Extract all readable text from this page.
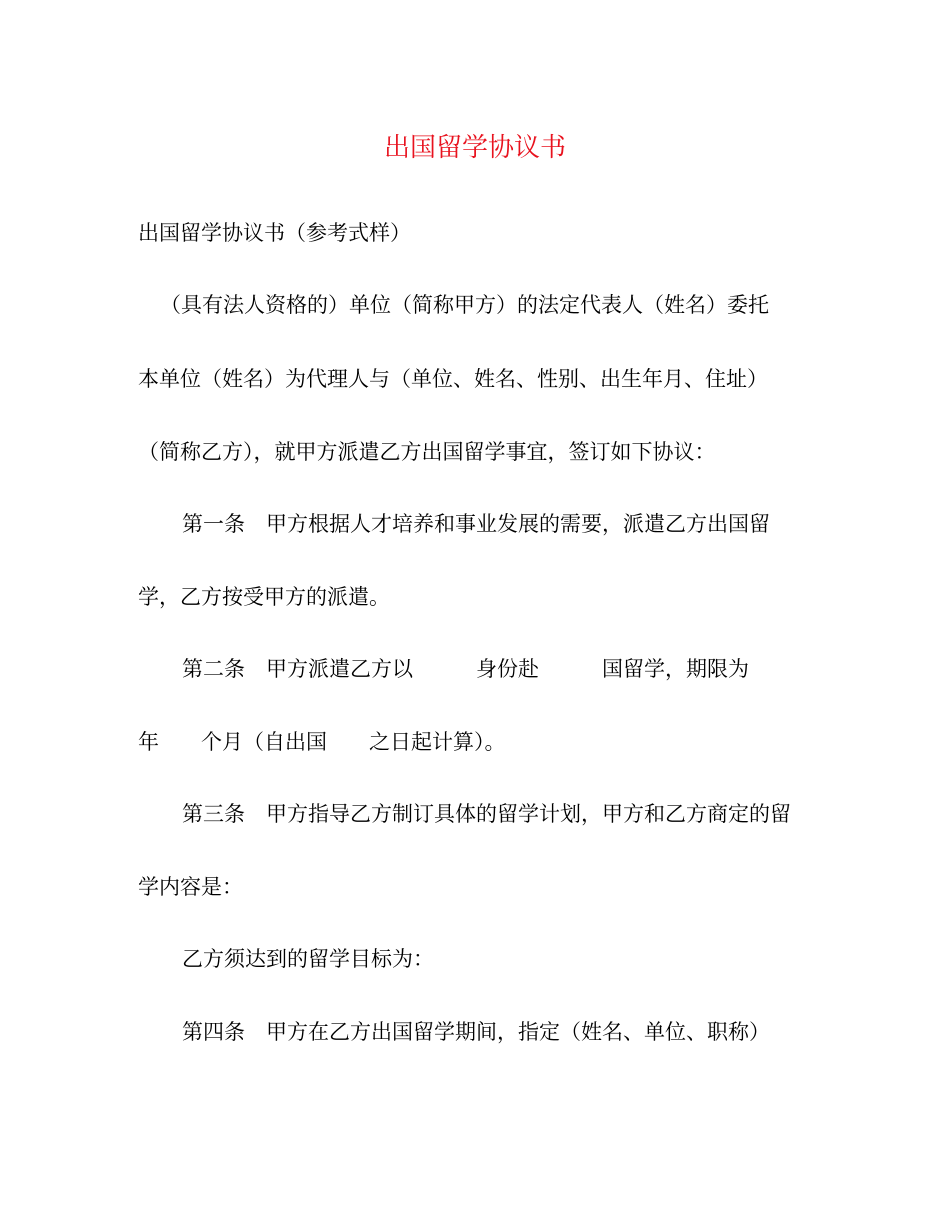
出国留学协议书
出国留学协议书（参考式样）
（具有法人资格的）单位（简称甲方）的法定代表人（姓名）委托
本单位（姓名）为代理人与（单位、姓名、性别、出生年月、住址）
（简称乙方），就甲方派遣乙方出国留学事宜，签订如下协议：
第一条　甲方根据人才培养和事业发展的需要，派遣乙方出国留
学，乙方按受甲方的派遣。
第二条　甲方派遣乙方以　　　身份赴　　　国留学，期限为
年　　个月（自出国　　之日起计算）。
第三条　甲方指导乙方制订具体的留学计划，甲方和乙方商定的留
学内容是：
乙方须达到的留学目标为：
第四条　甲方在乙方出国留学期间，指定（姓名、单位、职称）
